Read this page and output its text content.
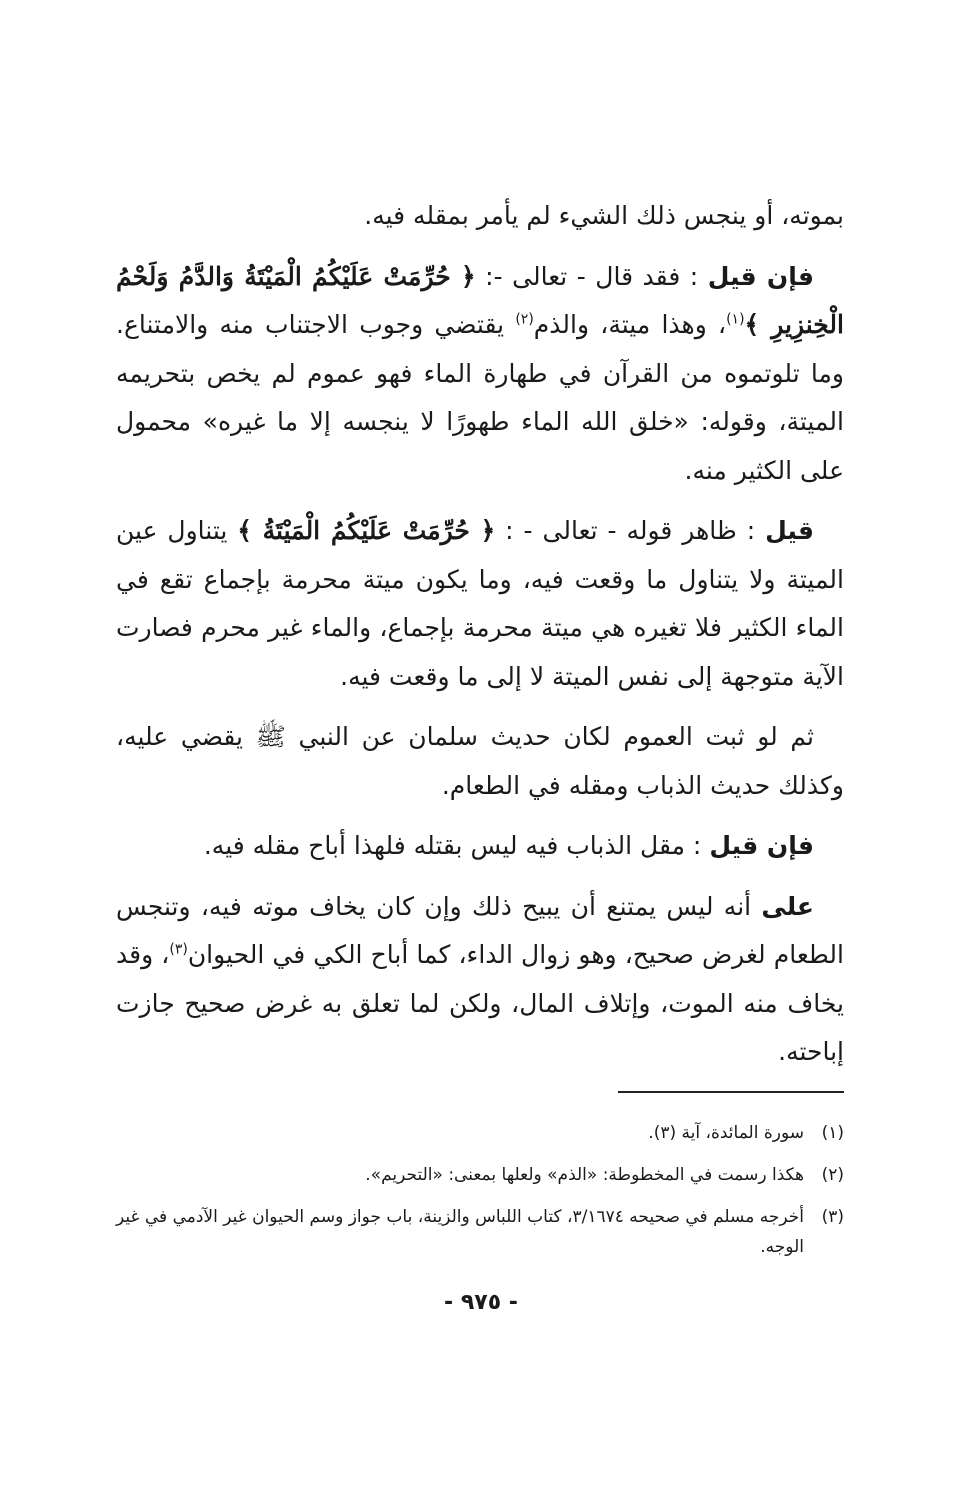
بموته، أو ينجس ذلك الشيء لم يأمر بمقله فيه.

فإن قيل : فقد قال - تعالى -: ﴿ حُرِّمَتْ عَلَيْكُمُ الْمَيْتَةُ وَالدَّمُ وَلَحْمُ الْخِنزِيرِ ﴾$^{(١)}$، وهذا ميتة، والذم$^{(٢)}$ يقتضي وجوب الاجتناب منه والامتناع. وما تلوتموه من القرآن في طهارة الماء فهو عموم لم يخص بتحريمه الميتة، وقوله: «خلق الله الماء طهورًا لا ينجسه إلا ما غيره» محمول على الكثير منه.

قيل : ظاهر قوله - تعالى - : ﴿ حُرِّمَتْ عَلَيْكُمُ الْمَيْتَةُ ﴾ يتناول عين الميتة ولا يتناول ما وقعت فيه، وما يكون ميتة محرمة بإجماع تقع في الماء الكثير فلا تغيره هي ميتة محرمة بإجماع، والماء غير محرم فصارت الآية متوجهة إلى نفس الميتة لا إلى ما وقعت فيه.

ثم لو ثبت العموم لكان حديث سلمان عن النبي ﷺ يقضي عليه، وكذلك حديث الذباب ومقله في الطعام.

فإن قيل : مقل الذباب فيه ليس بقتله فلهذا أباح مقله فيه.

على أنه ليس يمتنع أن يبيح ذلك وإن كان يخاف موته فيه، وتنجس الطعام لغرض صحيح، وهو زوال الداء، كما أباح الكي في الحيوان$^{(٣)}$، وقد يخاف منه الموت، وإتلاف المال، ولكن لما تعلق به غرض صحيح جازت إباحته.

(١)
سورة المائدة، آية (٣).
(٢)
هكذا رسمت في المخطوطة: «الذم» ولعلها بمعنى: «التحريم».
(٣)
أخرجه مسلم في صحيحه ٣/١٦٧٤، كتاب اللباس والزينة، باب جواز وسم الحيوان غير الآدمي في غير الوجه.
- ٩٧٥ -
